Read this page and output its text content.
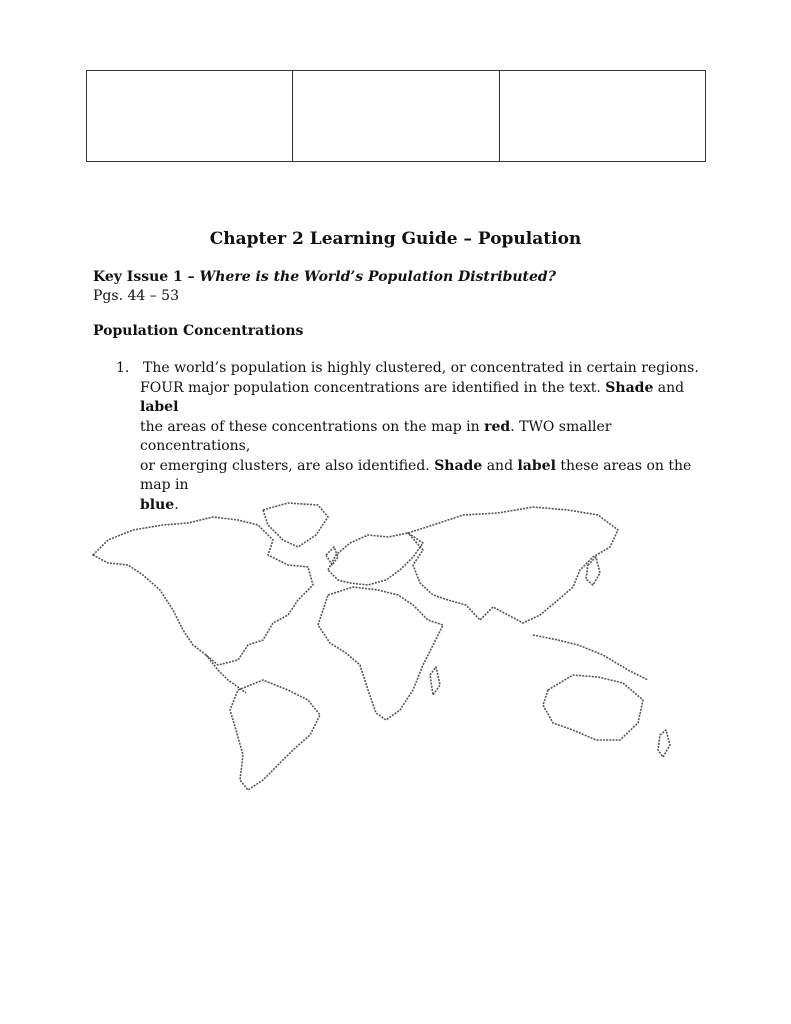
Chapter 2 Learning Guide – Population
Key Issue 1 – Where is the World’s Population Distributed?
Pgs. 44 – 53
Population Concentrations
1. The world’s population is highly clustered, or concentrated in certain regions.
FOUR major population concentrations are identified in the text. Shade and label
the areas of these concentrations on the map in red. TWO smaller concentrations,
or emerging clusters, are also identified. Shade and label these areas on the map in
blue.
